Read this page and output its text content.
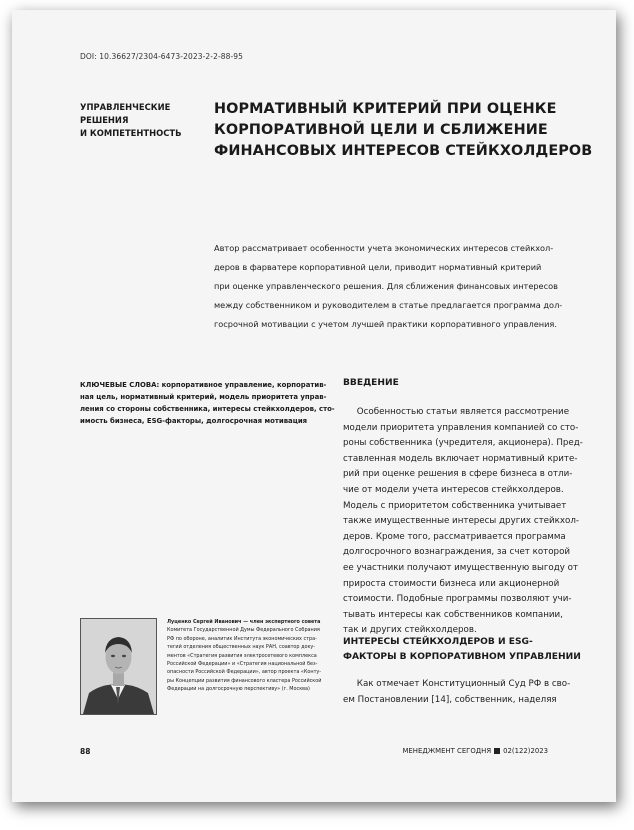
DOI: 10.36627/2304-6473-2023-2-2-88-95
УПРАВЛЕНЧЕСКИЕ
РЕШЕНИЯ
И КОМПЕТЕНТНОСТЬ
НОРМАТИВНЫЙ КРИТЕРИЙ ПРИ ОЦЕНКЕ
КОРПОРАТИВНОЙ ЦЕЛИ И СБЛИЖЕНИЕ
ФИНАНСОВЫХ ИНТЕРЕСОВ СТЕЙКХОЛДЕРОВ
Автор рассматривает особенности учета экономических интересов стейкхол-
деров в фарватере корпоративной цели, приводит нормативный критерий
при оценке управленческого решения. Для сближения финансовых интересов
между собственником и руководителем в статье предлагается программа дол-
госрочной мотивации с учетом лучшей практики корпоративного управления.
КЛЮЧЕВЫЕ СЛОВА: корпоративное управление, корпоратив-
ная цель, нормативный критерий, модель приоритета управ-
ления со стороны собственника, интересы стейкхолдеров, сто-
имость бизнеса, ESG-факторы, долгосрочная мотивация
ВВЕДЕНИЕ
Особенностью статьи является рассмотрение
модели приоритета управления компанией со сто-
роны собственника (учредителя, акционера). Пред-
ставленная модель включает нормативный крите-
рий при оценке решения в сфере бизнеса в отли-
чие от модели учета интересов стейкхолдеров.
Модель с приоритетом собственника учитывает
также имущественные интересы других стейкхол-
деров. Кроме того, рассматривается программа
долгосрочного вознаграждения, за счет которой
ее участники получают имущественную выгоду от
прироста стоимости бизнеса или акционерной
стоимости. Подобные программы позволяют учи-
тывать интересы как собственников компании,
так и других стейкхолдеров.
Луценко Сергей Иванович — член экспертного совета
Комитета Государственной Думы Федерального Собрания
РФ по обороне, аналитик Института экономических стра-
тегий отделения общественных наук РАН, соавтор доку-
ментов «Стратегия развития электросетевого комплекса
Российской Федерации» и «Стратегия национальной без-
опасности Российской Федерации», автор проекта «Конту-
ры Концепции развития финансового кластера Российской
Федерации на долгосрочную перспективу» (г. Москва)
ИНТЕРЕСЫ СТЕЙКХОЛДЕРОВ И ESG-
ФАКТОРЫ В КОРПОРАТИВНОМ УПРАВЛЕНИИ
Как отмечает Конституционный Суд РФ в сво-
ем Постановлении [14], собственник, наделяя
88	МЕНЕДЖМЕНТ СЕГОДНЯ 02(122)2023
